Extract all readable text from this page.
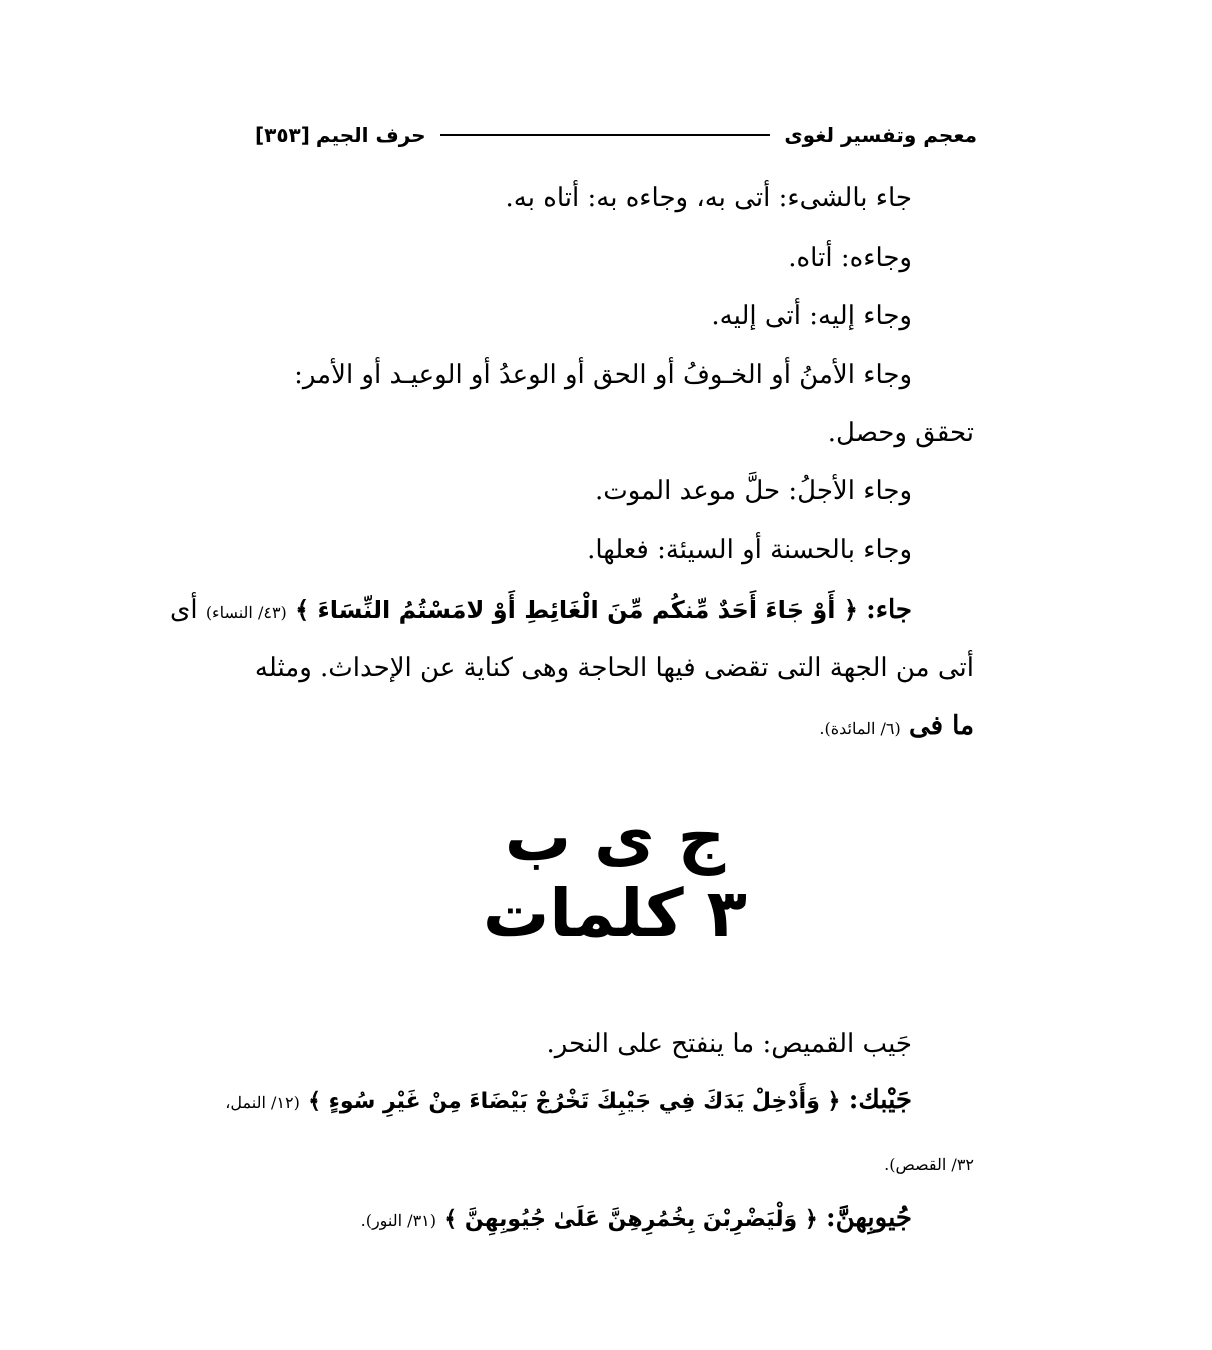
معجم وتفسير لغوى
حرف الجيم
[٣٥٣]
جاء بالشىء: أتى به، وجاءه به: أتاه به.
وجاءه: أتاه.
وجاء إليه: أتى إليه.
وجاء الأمنُ أو الخـوفُ أو الحق أو الوعدُ أو الوعيـد أو الأمر:
تحقق وحصل.
وجاء الأجلُ: حلَّ موعد الموت.
وجاء بالحسنة أو السيئة: فعلها.
جاء: ﴿ أَوْ جَاءَ أَحَدٌ مِّنكُم مِّنَ الْغَائِطِ أَوْ لامَسْتُمُ النِّسَاءَ ﴾ (٤٣/ النساء) أى
أتى من الجهة التى تقضى فيها الحاجة وهى كناية عن الإحداث. ومثله
ما فى (٦/ المائدة).
ج ى ب
٣ كلمات
جَيب القميص: ما ينفتح على النحر.
جَيْبك: ﴿ وَأَدْخِلْ يَدَكَ فِي جَيْبِكَ تَخْرُجْ بَيْضَاءَ مِنْ غَيْرِ سُوءٍ ﴾ (١٢/ النمل،
٣٢/ القصص).
جُيوبِهنَّ: ﴿ وَلْيَضْرِبْنَ بِخُمُرِهِنَّ عَلَىٰ جُيُوبِهِنَّ ﴾ (٣١/ النور).
